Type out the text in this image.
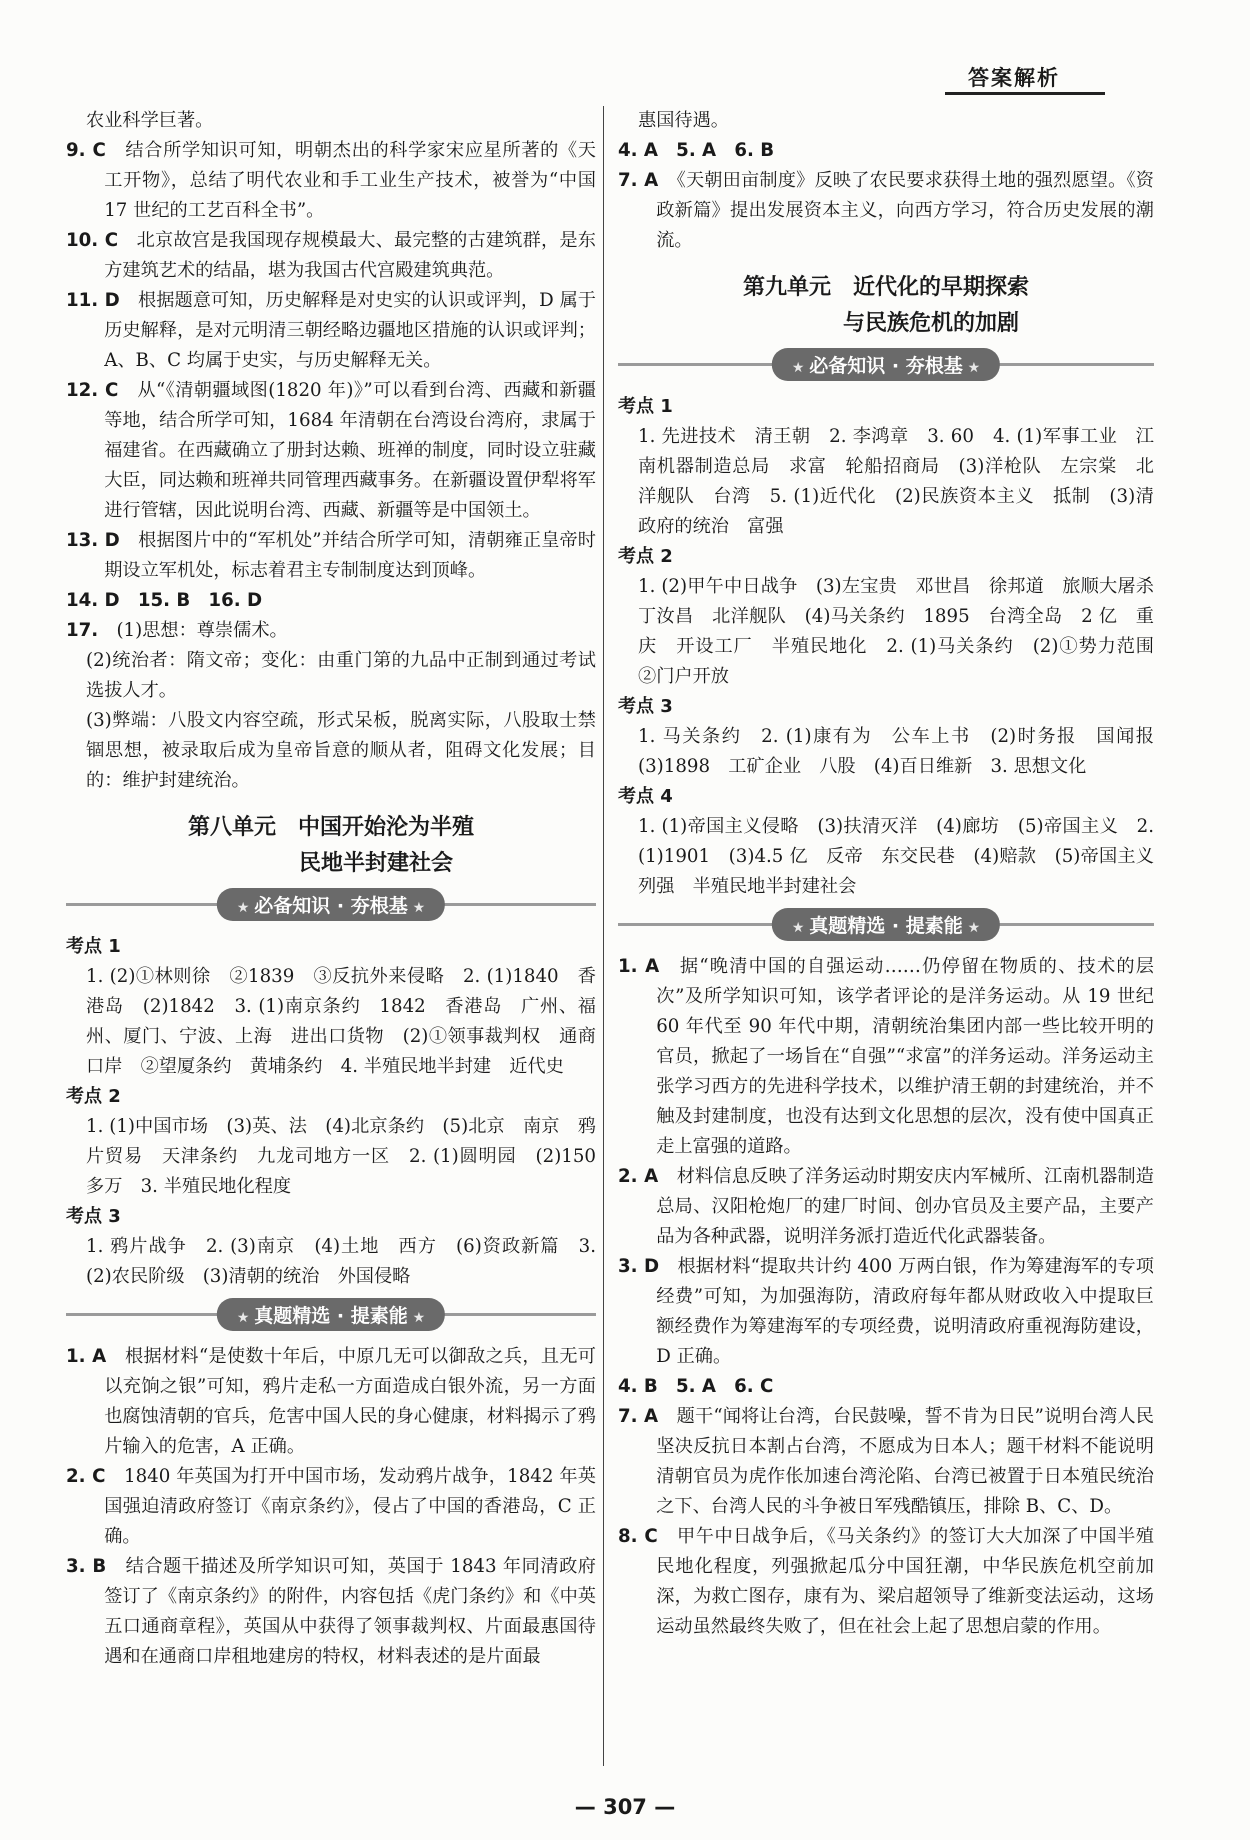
答案解析

农业科学巨著。

9. C　 结合所学知识可知，明朝杰出的科学家宋应星所著的《天工开物》，总结了明代农业和手工业生产技术，被誉为“中国 17 世纪的工艺百科全书”。

10. C　 北京故宫是我国现存规模最大、最完整的古建筑群，是东方建筑艺术的结晶，堪为我国古代宫殿建筑典范。

11. D　 根据题意可知，历史解释是对史实的认识或评判，D 属于历史解释，是对元明清三朝经略边疆地区措施的认识或评判；A、B、C 均属于史实，与历史解释无关。

12. C　 从“《清朝疆域图(1820 年)》”可以看到台湾、西藏和新疆等地，结合所学可知，1684 年清朝在台湾设台湾府，隶属于福建省。在西藏确立了册封达赖、班禅的制度，同时设立驻藏大臣，同达赖和班禅共同管理西藏事务。在新疆设置伊犁将军进行管辖，因此说明台湾、西藏、新疆等是中国领土。

13. D　 根据图片中的“军机处”并结合所学可知，清朝雍正皇帝时期设立军机处，标志着君主专制制度达到顶峰。

14. D　15. B　16. D　

17.　 (1)思想：尊崇儒术。

(2)统治者：隋文帝；变化：由重门第的九品中正制到通过考试选拔人才。

(3)弊端：八股文内容空疏，形式呆板，脱离实际，八股取士禁锢思想，被录取后成为皇帝旨意的顺从者，阻碍文化发展；目的：维护封建统治。

第八单元　中国开始沦为半殖
民地半封建社会
★ 必备知识 · 夯根基 ★
考点 1

1. (2)①林则徐　②1839　③反抗外来侵略　2. (1)1840　香港岛　(2)1842　3. (1)南京条约　1842　香港岛　广州、福州、厦门、宁波、上海　进出口货物　(2)①领事裁判权　通商口岸　②望厦条约　黄埔条约　4. 半殖民地半封建　近代史

考点 2

1. (1)中国市场　(3)英、法　(4)北京条约　(5)北京　南京　鸦片贸易　天津条约　九龙司地方一区　2. (1)圆明园　(2)150 多万　3. 半殖民地化程度

考点 3

1. 鸦片战争　2. (3)南京　(4)土地　西方　(6)资政新篇　3. (2)农民阶级　(3)清朝的统治　外国侵略

★ 真题精选 · 提素能 ★

1. A　 根据材料“是使数十年后，中原几无可以御敌之兵，且无可以充饷之银”可知，鸦片走私一方面造成白银外流，另一方面也腐蚀清朝的官兵，危害中国人民的身心健康，材料揭示了鸦片输入的危害，A 正确。

2. C　 1840 年英国为打开中国市场，发动鸦片战争，1842 年英国强迫清政府签订《南京条约》，侵占了中国的香港岛，C 正确。

3. B　 结合题干描述及所学知识可知，英国于 1843 年同清政府签订了《南京条约》的附件，内容包括《虎门条约》和《中英五口通商章程》，英国从中获得了领事裁判权、片面最惠国待遇和在通商口岸租地建房的特权，材料表述的是片面最

惠国待遇。

4. A　5. A　6. B　

7. A　 《天朝田亩制度》反映了农民要求获得土地的强烈愿望。《资政新篇》提出发展资本主义，向西方学习，符合历史发展的潮流。

第九单元　近代化的早期探索
与民族危机的加剧
★ 必备知识 · 夯根基 ★
考点 1

1. 先进技术　清王朝　2. 李鸿章　3. 60　4. (1)军事工业　江南机器制造总局　求富　轮船招商局　(3)洋枪队　左宗棠　北洋舰队　台湾　5. (1)近代化　(2)民族资本主义　抵制　(3)清政府的统治　富强

考点 2

1. (2)甲午中日战争　(3)左宝贵　邓世昌　徐邦道　旅顺大屠杀　丁汝昌　北洋舰队　(4)马关条约　1895　台湾全岛　2 亿　重庆　开设工厂　半殖民地化　2. (1)马关条约　(2)①势力范围　②门户开放

考点 3

1. 马关条约　2. (1)康有为　公车上书　(2)时务报　国闻报　(3)1898　工矿企业　八股　(4)百日维新　3. 思想文化

考点 4

1. (1)帝国主义侵略　(3)扶清灭洋　(4)廊坊　(5)帝国主义　2. (1)1901　(3)4.5 亿　反帝　东交民巷　(4)赔款　(5)帝国主义列强　半殖民地半封建社会

★ 真题精选 · 提素能 ★

1. A　 据“晚清中国的自强运动……仍停留在物质的、技术的层次”及所学知识可知，该学者评论的是洋务运动。从 19 世纪 60 年代至 90 年代中期，清朝统治集团内部一些比较开明的官员，掀起了一场旨在“自强”“求富”的洋务运动。洋务运动主张学习西方的先进科学技术，以维护清王朝的封建统治，并不触及封建制度，也没有达到文化思想的层次，没有使中国真正走上富强的道路。

2. A　 材料信息反映了洋务运动时期安庆内军械所、江南机器制造总局、汉阳枪炮厂的建厂时间、创办官员及主要产品，主要产品为各种武器，说明洋务派打造近代化武器装备。

3. D　 根据材料“提取共计约 400 万两白银，作为筹建海军的专项经费”可知，为加强海防，清政府每年都从财政收入中提取巨额经费作为筹建海军的专项经费，说明清政府重视海防建设，D 正确。

4. B　5. A　6. C　

7. A　 题干“闻将让台湾，台民鼓噪，誓不肯为日民”说明台湾人民坚决反抗日本割占台湾，不愿成为日本人；题干材料不能说明清朝官员为虎作伥加速台湾沦陷、台湾已被置于日本殖民统治之下、台湾人民的斗争被日军残酷镇压，排除 B、C、D。

8. C　 甲午中日战争后，《马关条约》的签订大大加深了中国半殖民地化程度，列强掀起瓜分中国狂潮，中华民族危机空前加深，为救亡图存，康有为、梁启超领导了维新变法运动，这场运动虽然最终失败了，但在社会上起了思想启蒙的作用。

— 307 —
